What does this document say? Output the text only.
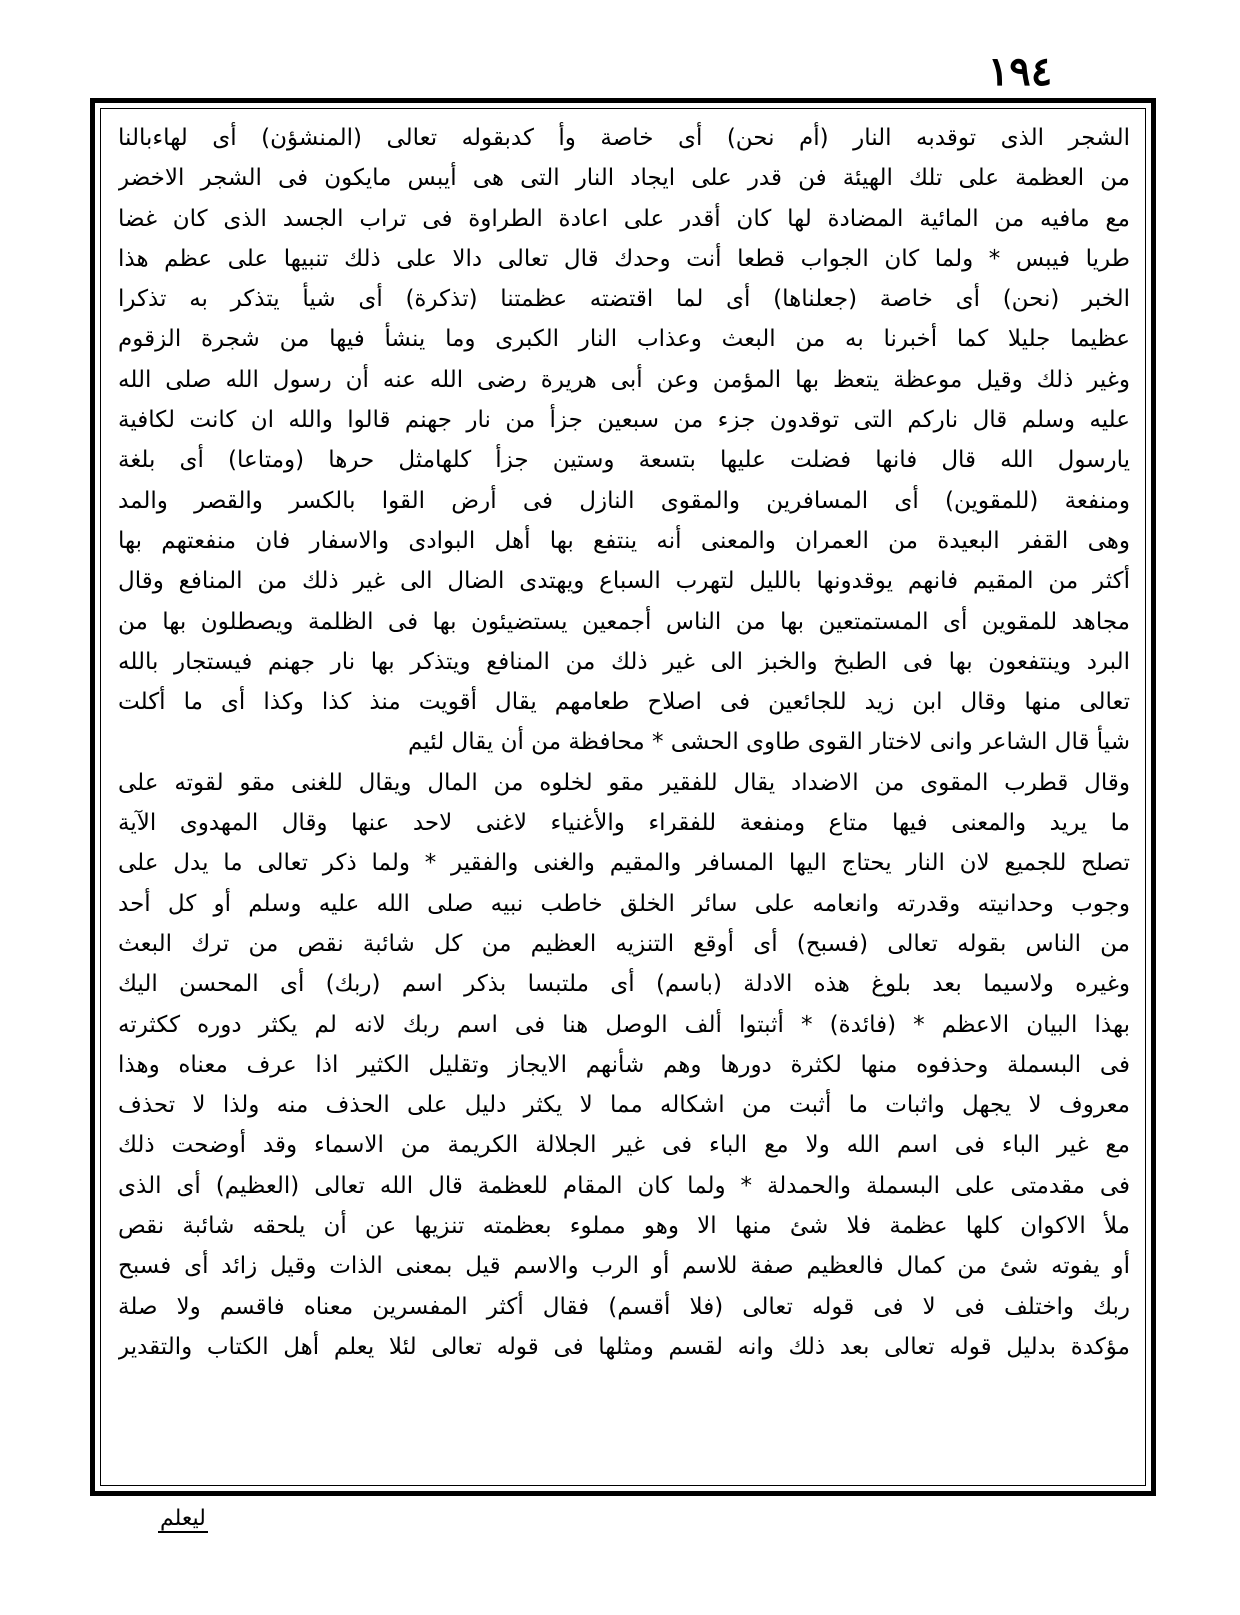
١٩٤
الشجر الذى توقدبه النار (أم نحن) أى خاصة وأ كدبقوله تعالى (المنشؤن) أى لهاءبالنا
من العظمة على تلك الهيئة فن قدر على ايجاد النار التى هى أيبس مايكون فى الشجر الاخضر
مع مافيه من المائية المضادة لها كان أقدر على اعادة الطراوة فى تراب الجسد الذى كان غضا
طريا فيبس * ولما كان الجواب قطعا أنت وحدك قال تعالى دالا على ذلك تنبيها على عظم هذا
الخبر (نحن) أى خاصة (جعلناها) أى لما اقتضته عظمتنا (تذكرة) أى شيأ يتذكر به تذكرا
عظيما جليلا كما أخبرنا به من البعث وعذاب النار الكبرى وما ينشأ فيها من شجرة الزقوم
وغير ذلك وقيل موعظة يتعظ بها المؤمن وعن أبى هريرة رضى الله عنه أن رسول الله صلى الله
عليه وسلم قال ناركم التى توقدون جزء من سبعين جزأ من نار جهنم قالوا والله ان كانت لكافية
يارسول الله قال فانها فضلت عليها بتسعة وستين جزأ كلهامثل حرها (ومتاعا) أى بلغة
ومنفعة (للمقوين) أى المسافرين والمقوى النازل فى أرض القوا بالكسر والقصر والمد
وهى القفر البعيدة من العمران والمعنى أنه ينتفع بها أهل البوادى والاسفار فان منفعتهم بها
أكثر من المقيم فانهم يوقدونها بالليل لتهرب السباع ويهتدى الضال الى غير ذلك من المنافع وقال
مجاهد للمقوين أى المستمتعين بها من الناس أجمعين يستضيئون بها فى الظلمة ويصطلون بها من
البرد وينتفعون بها فى الطبخ والخبز الى غير ذلك من المنافع ويتذكر بها نار جهنم فيستجار بالله
تعالى منها وقال ابن زيد للجائعين فى اصلاح طعامهم يقال أقويت منذ كذا وكذا أى ما أكلت
شيأ قال الشاعر وانى لاختار القوى طاوى الحشى * محافظة من أن يقال لئيم
وقال قطرب المقوى من الاضداد يقال للفقير مقو لخلوه من المال ويقال للغنى مقو لقوته على
ما يريد والمعنى فيها متاع ومنفعة للفقراء والأغنياء لاغنى لاحد عنها وقال المهدوى الآية
تصلح للجميع لان النار يحتاج اليها المسافر والمقيم والغنى والفقير * ولما ذكر تعالى ما يدل على
وجوب وحدانيته وقدرته وانعامه على سائر الخلق خاطب نبيه صلى الله عليه وسلم أو كل أحد
من الناس بقوله تعالى (فسبح) أى أوقع التنزيه العظيم من كل شائبة نقص من ترك البعث
وغيره ولاسيما بعد بلوغ هذه الادلة (باسم) أى ملتبسا بذكر اسم (ربك) أى المحسن اليك
بهذا البيان الاعظم * (فائدة) * أثبتوا ألف الوصل هنا فى اسم ربك لانه لم يكثر دوره ككثرته
فى البسملة وحذفوه منها لكثرة دورها وهم شأنهم الايجاز وتقليل الكثير اذا عرف معناه وهذا
معروف لا يجهل واثبات ما أثبت من اشكاله مما لا يكثر دليل على الحذف منه ولذا لا تحذف
مع غير الباء فى اسم الله ولا مع الباء فى غير الجلالة الكريمة من الاسماء وقد أوضحت ذلك
فى مقدمتى على البسملة والحمدلة * ولما كان المقام للعظمة قال الله تعالى (العظيم) أى الذى
ملأ الاكوان كلها عظمة فلا شئ منها الا وهو مملوء بعظمته تنزيها عن أن يلحقه شائبة نقص
أو يفوته شئ من كمال فالعظيم صفة للاسم أو الرب والاسم قيل بمعنى الذات وقيل زائد أى فسبح
ربك واختلف فى لا فى قوله تعالى (فلا أقسم) فقال أكثر المفسرين معناه فاقسم ولا صلة
مؤكدة بدليل قوله تعالى بعد ذلك وانه لقسم ومثلها فى قوله تعالى لئلا يعلم أهل الكتاب والتقدير
ليعلم
